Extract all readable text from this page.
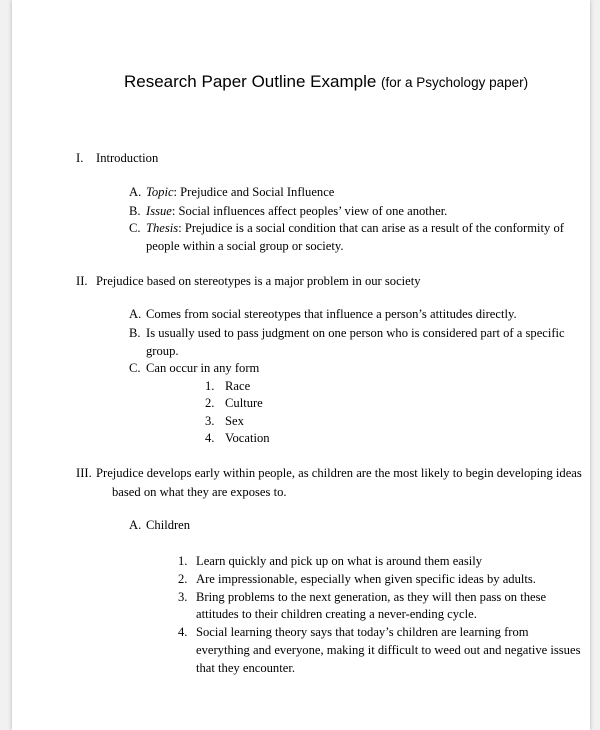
Research Paper Outline Example (for a Psychology paper)
I. Introduction
A. Topic: Prejudice and Social Influence
B. Issue: Social influences affect peoples’ view of one another.
C. Thesis: Prejudice is a social condition that can arise as a result of the conformity of
people within a social group or society.
II. Prejudice based on stereotypes is a major problem in our society
A. Comes from social stereotypes that influence a person’s attitudes directly.
B. Is usually used to pass judgment on one person who is considered part of a specific
group.
C. Can occur in any form
1. Race
2. Culture
3. Sex
4. Vocation
III. Prejudice develops early within people, as children are the most likely to begin developing ideas
based on what they are exposes to.
A. Children
1. Learn quickly and pick up on what is around them easily
2. Are impressionable, especially when given specific ideas by adults.
3. Bring problems to the next generation, as they will then pass on these
attitudes to their children creating a never-ending cycle.
4. Social learning theory says that today’s children are learning from
everything and everyone, making it difficult to weed out and negative issues
that they encounter.
